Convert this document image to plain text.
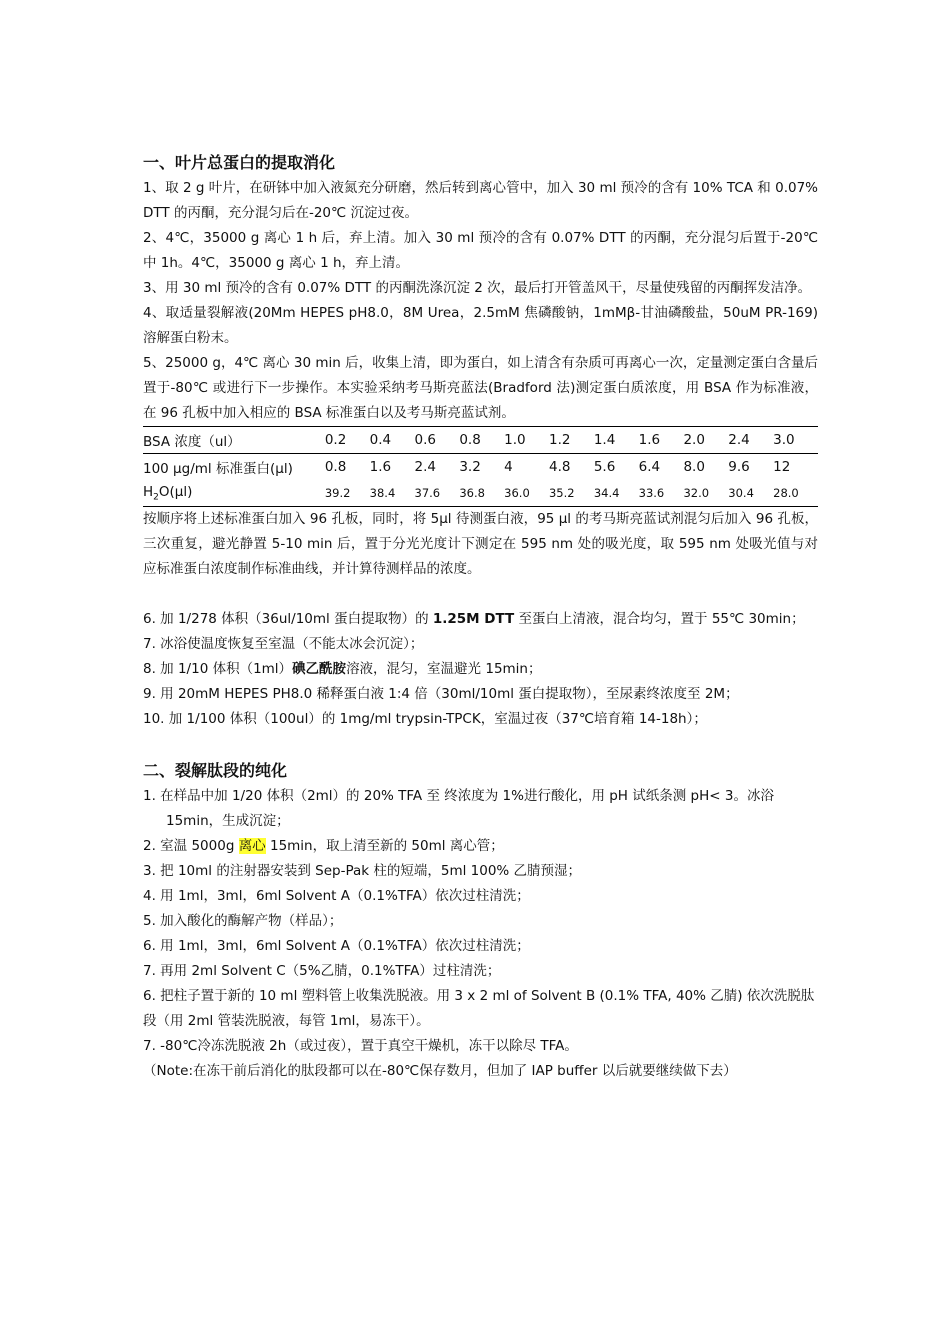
一、叶片总蛋白的提取消化

1、取 2 g 叶片，在研钵中加入液氮充分研磨，然后转到离心管中，加入 30 ml 预冷的含有 10% TCA 和 0.07% DTT 的丙酮，充分混匀后在-20℃ 沉淀过夜。

2、4℃，35000 g 离心 1 h 后，弃上清。加入 30 ml 预冷的含有 0.07% DTT 的丙酮，充分混匀后置于-20℃ 中 1h。4℃，35000 g 离心 1 h，弃上清。

3、用 30 ml 预冷的含有 0.07% DTT 的丙酮洗涤沉淀 2 次，最后打开管盖风干，尽量使残留的丙酮挥发洁净。

4、取适量裂解液(20Mm HEPES pH8.0，8M Urea，2.5mM 焦磷酸钠，1mMβ-甘油磷酸盐，50uM PR-169)溶解蛋白粉末。

5、25000 g，4℃ 离心 30 min 后，收集上清，即为蛋白，如上清含有杂质可再离心一次，定量测定蛋白含量后置于-80℃ 或进行下一步操作。本实验采纳考马斯亮蓝法(Bradford 法)测定蛋白质浓度，用 BSA 作为标准液，在 96 孔板中加入相应的 BSA 标准蛋白以及考马斯亮蓝试剂。

BSA 浓度（ul）	0.2	0.4	0.6	0.8	1.0	1.2	1.4	1.6	2.0	2.4	3.0
100 µg/ml 标准蛋白(µl)	0.8	1.6	2.4	3.2	4	4.8	5.6	6.4	8.0	9.6	12
$H_2O(\mu l)$	39.2	38.4	37.6	36.8	36.0	35.2	34.4	33.6	32.0	30.4	28.0

按顺序将上述标准蛋白加入 96 孔板，同时，将 5µl 待测蛋白液，95 µl 的考马斯亮蓝试剂混匀后加入 96 孔板，三次重复，避光静置 5-10 min 后，置于分光光度计下测定在 595 nm 处的吸光度，取 595 nm 处吸光值与对应标准蛋白浓度制作标准曲线，并计算待测样品的浓度。

6. 加 1/278 体积（36ul/10ml 蛋白提取物）的 1.25M DTT 至蛋白上清液，混合均匀，置于 55℃ 30min；

7. 冰浴使温度恢复至室温（不能太冰会沉淀）；

8. 加 1/10 体积（1ml）碘乙酰胺溶液，混匀，室温避光 15min；

9. 用 20mM HEPES PH8.0 稀释蛋白液 1:4 倍（30ml/10ml 蛋白提取物），至尿素终浓度至 2M；

10. 加 1/100 体积（100ul）的 1mg/ml trypsin-TPCK，室温过夜（37℃培育箱 14-18h）；

二、裂解肽段的纯化

1. 在样品中加 1/20 体积（2ml）的 20% TFA 至 终浓度为 1%进行酸化，用 pH 试纸条测 pH< 3。冰浴 15min，生成沉淀；

2. 室温 5000g 离心 15min，取上清至新的 50ml 离心管；

3. 把 10ml 的注射器安装到 Sep-Pak 柱的短端，5ml 100% 乙腈预湿；

4. 用 1ml，3ml，6ml Solvent A（0.1%TFA）依次过柱清洗；

5. 加入酸化的酶解产物（样品）；

6. 用 1ml，3ml，6ml Solvent A（0.1%TFA）依次过柱清洗；

7. 再用 2ml Solvent C（5%乙腈，0.1%TFA）过柱清洗；

6. 把柱子置于新的 10 ml 塑料管上收集洗脱液。用 3 x 2 ml of Solvent B (0.1% TFA, 40% 乙腈) 依次洗脱肽段（用 2ml 管装洗脱液，每管 1ml，易冻干）。

7. -80℃冷冻洗脱液 2h（或过夜），置于真空干燥机，冻干以除尽 TFA。

（Note:在冻干前后消化的肽段都可以在-80℃保存数月，但加了 IAP buffer 以后就要继续做下去）
